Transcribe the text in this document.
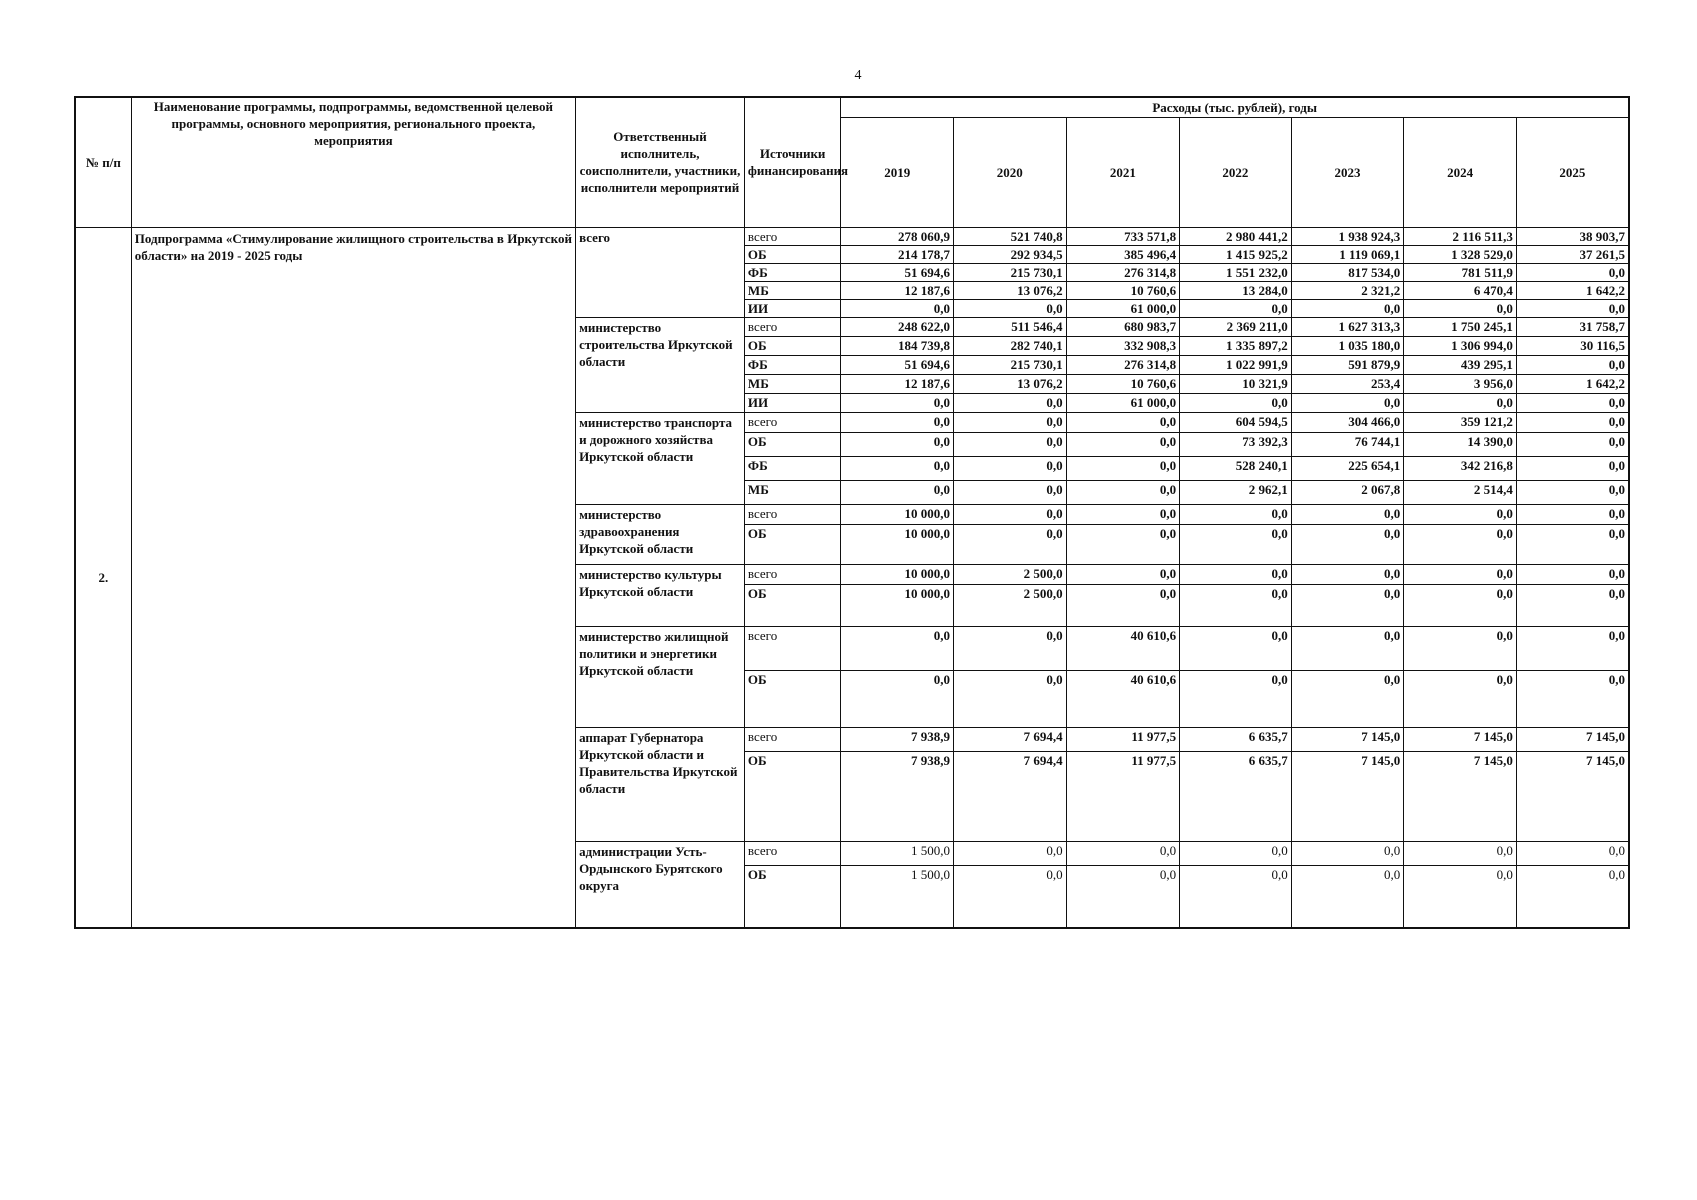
4
№ п/п	Наименование программы, подпрограммы, ведомственной целевой программы, основного мероприятия, регионального проекта, мероприятия	Ответственный исполнитель, соисполнители, участники, исполнители мероприятий	Источники финансирования	Расходы (тыс. рублей), годы						
				2019	2020	2021	2022	2023	2024	2025
2.	Подпрограмма «Стимулирование жилищного строительства в Иркутской области» на 2019 - 2025 годы	всего	всего	278 060,9	521 740,8	733 571,8	2 980 441,2	1 938 924,3	2 116 511,3	38 903,7
			ОБ	214 178,7	292 934,5	385 496,4	1 415 925,2	1 119 069,1	1 328 529,0	37 261,5
			ФБ	51 694,6	215 730,1	276 314,8	1 551 232,0	817 534,0	781 511,9	0,0
			МБ	12 187,6	13 076,2	10 760,6	13 284,0	2 321,2	6 470,4	1 642,2
			ИИ	0,0	0,0	61 000,0	0,0	0,0	0,0	0,0
		министерство строительства Иркутской области	всего	248 622,0	511 546,4	680 983,7	2 369 211,0	1 627 313,3	1 750 245,1	31 758,7
			ОБ	184 739,8	282 740,1	332 908,3	1 335 897,2	1 035 180,0	1 306 994,0	30 116,5
			ФБ	51 694,6	215 730,1	276 314,8	1 022 991,9	591 879,9	439 295,1	0,0
			МБ	12 187,6	13 076,2	10 760,6	10 321,9	253,4	3 956,0	1 642,2
			ИИ	0,0	0,0	61 000,0	0,0	0,0	0,0	0,0
		министерство транспорта и дорожного хозяйства Иркутской области	всего	0,0	0,0	0,0	604 594,5	304 466,0	359 121,2	0,0
			ОБ	0,0	0,0	0,0	73 392,3	76 744,1	14 390,0	0,0
			ФБ	0,0	0,0	0,0	528 240,1	225 654,1	342 216,8	0,0
			МБ	0,0	0,0	0,0	2 962,1	2 067,8	2 514,4	0,0
		министерство здравоохранения Иркутской области	всего	10 000,0	0,0	0,0	0,0	0,0	0,0	0,0
			ОБ	10 000,0	0,0	0,0	0,0	0,0	0,0	0,0
		министерство культуры Иркутской области	всего	10 000,0	2 500,0	0,0	0,0	0,0	0,0	0,0
			ОБ	10 000,0	2 500,0	0,0	0,0	0,0	0,0	0,0
		министерство жилищной политики и энергетики Иркутской области	всего	0,0	0,0	40 610,6	0,0	0,0	0,0	0,0
			ОБ	0,0	0,0	40 610,6	0,0	0,0	0,0	0,0
		аппарат Губернатора Иркутской области и Правительства Иркутской области	всего	7 938,9	7 694,4	11 977,5	6 635,7	7 145,0	7 145,0	7 145,0
			ОБ	7 938,9	7 694,4	11 977,5	6 635,7	7 145,0	7 145,0	7 145,0
		администрации Усть-Ордынского Бурятского округа	всего	1 500,0	0,0	0,0	0,0	0,0	0,0	0,0
			ОБ	1 500,0	0,0	0,0	0,0	0,0	0,0	0,0
